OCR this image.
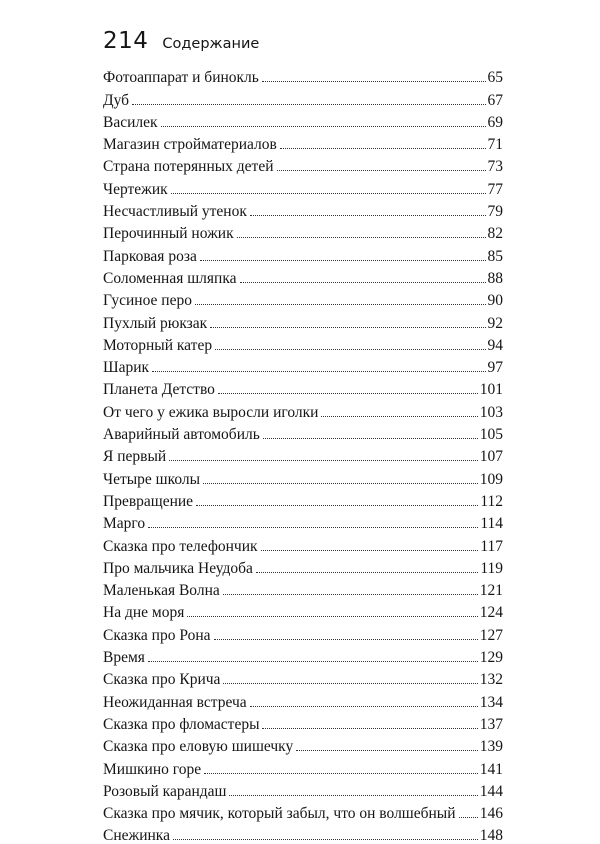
214 Содержание
Фотоаппарат и бинокль	65
Дуб	67
Василек	69
Магазин стройматериалов	71
Страна потерянных детей	73
Чертежик	77
Несчастливый утенок	79
Перочинный ножик	82
Парковая роза	85
Соломенная шляпка	88
Гусиное перо	90
Пухлый рюкзак	92
Моторный катер	94
Шарик	97
Планета Детство	101
От чего у ежика выросли иголки	103
Аварийный автомобиль	105
Я первый	107
Четыре школы	109
Превращение	112
Марго	114
Сказка про телефончик	117
Про мальчика Неудоба	119
Маленькая Волна	121
На дне моря	124
Сказка про Рона	127
Время	129
Сказка про Крича	132
Неожиданная встреча	134
Сказка про фломастеры	137
Сказка про еловую шишечку	139
Мишкино горе	141
Розовый карандаш	144
Сказка про мячик, который забыл, что он волшебный 146
Снежинка	148
